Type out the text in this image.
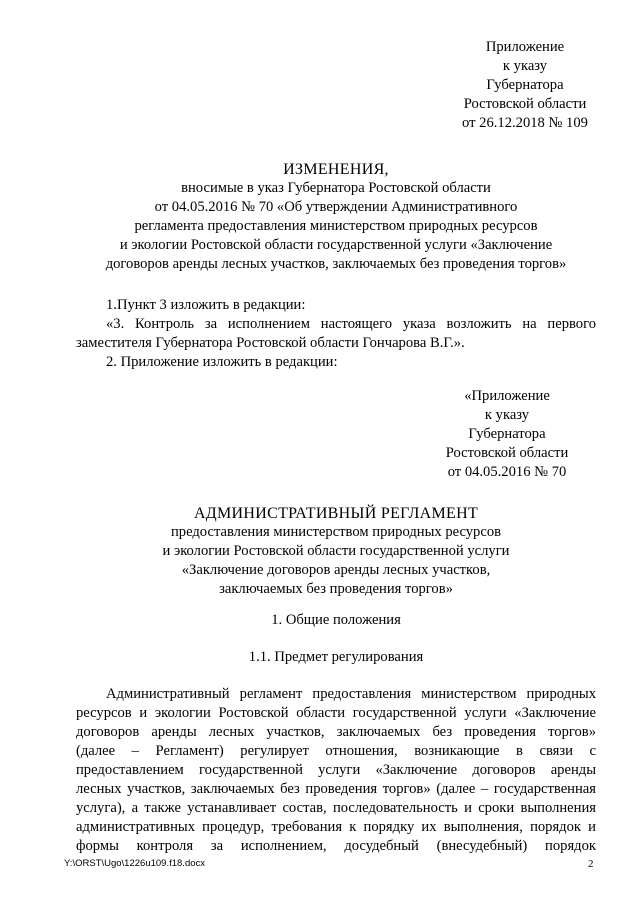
Приложение
к указу
Губернатора
Ростовской области
от 26.12.2018 № 109
ИЗМЕНЕНИЯ,
вносимые в указ Губернатора Ростовской области
от 04.05.2016 № 70 «Об утверждении Административного
регламента предоставления министерством природных ресурсов
и экологии Ростовской области государственной услуги «Заключение
договоров аренды лесных участков, заключаемых без проведения торгов»
1.Пункт 3 изложить в редакции:
«3. Контроль за исполнением настоящего указа возложить на первого
заместителя Губернатора Ростовской области Гончарова В.Г.».
2. Приложение изложить в редакции:
«Приложение
к указу
Губернатора
Ростовской области
от 04.05.2016 № 70
АДМИНИСТРАТИВНЫЙ РЕГЛАМЕНТ
предоставления министерством природных ресурсов
и экологии Ростовской области государственной услуги
«Заключение договоров аренды лесных участков,
заключаемых без проведения торгов»
1. Общие положения
1.1. Предмет регулирования
Административный регламент предоставления министерством природных
ресурсов и экологии Ростовской области государственной услуги «Заключение
договоров аренды лесных участков, заключаемых без проведения торгов»
(далее – Регламент) регулирует отношения, возникающие в связи с
предоставлением государственной услуги «Заключение договоров аренды
лесных участков, заключаемых без проведения торгов» (далее – государственная
услуга), а также устанавливает состав, последовательность и сроки выполнения
административных процедур, требования к порядку их выполнения, порядок и
формы контроля за исполнением, досудебный (внесудебный) порядок
Y:\ORST\Ugo\1226u109.f18.docx	2
